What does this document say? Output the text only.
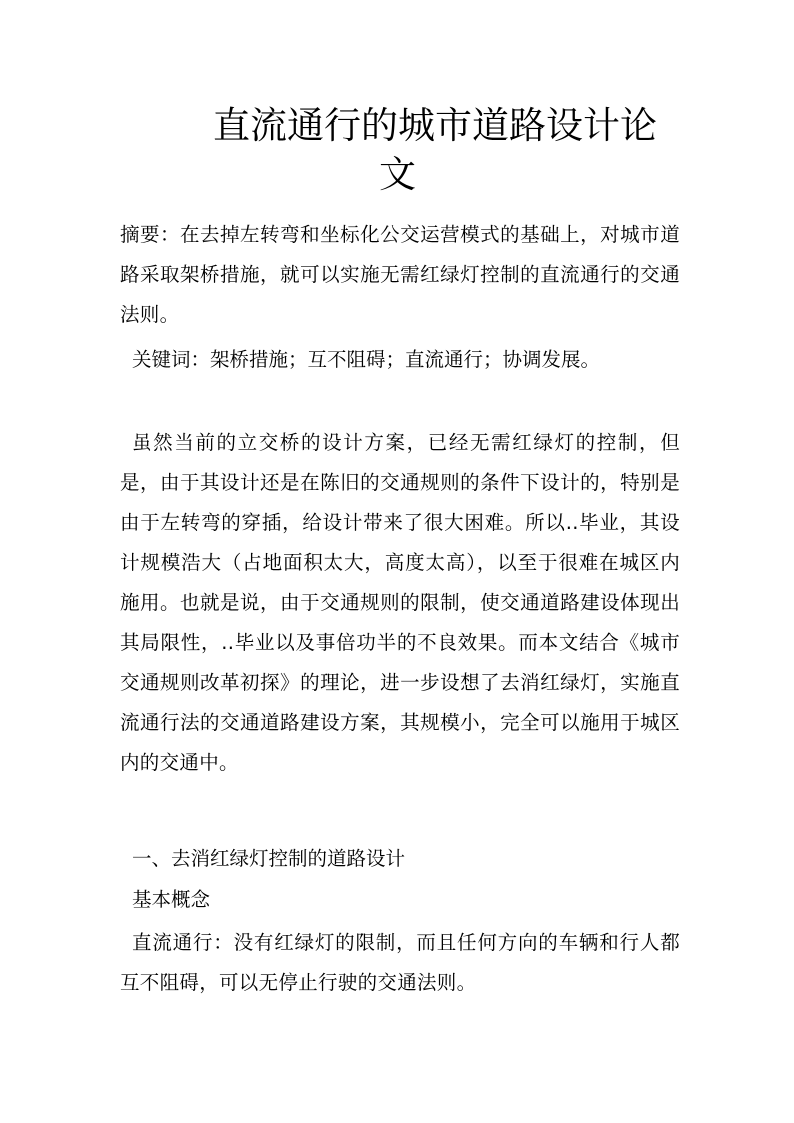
直流通行的城市道路设计论
文

摘要：在去掉左转弯和坐标化公交运营模式的基础上，对城市道路采取架桥措施，就可以实施无需红绿灯控制的直流通行的交通法则。

关键词：架桥措施；互不阻碍；直流通行；协调发展。

虽然当前的立交桥的设计方案，已经无需红绿灯的控制，但是，由于其设计还是在陈旧的交通规则的条件下设计的，特别是由于左转弯的穿插，给设计带来了很大困难。所以..毕业，其设计规模浩大（占地面积太大，高度太高），以至于很难在城区内施用。也就是说，由于交通规则的限制，使交通道路建设体现出其局限性，..毕业以及事倍功半的不良效果。而本文结合《城市交通规则改革初探》的理论，进一步设想了去消红绿灯，实施直流通行法的交通道路建设方案，其规模小，完全可以施用于城区内的交通中。

一、去消红绿灯控制的道路设计

基本概念

直流通行：没有红绿灯的限制，而且任何方向的车辆和行人都互不阻碍，可以无停止行驶的交通法则。
